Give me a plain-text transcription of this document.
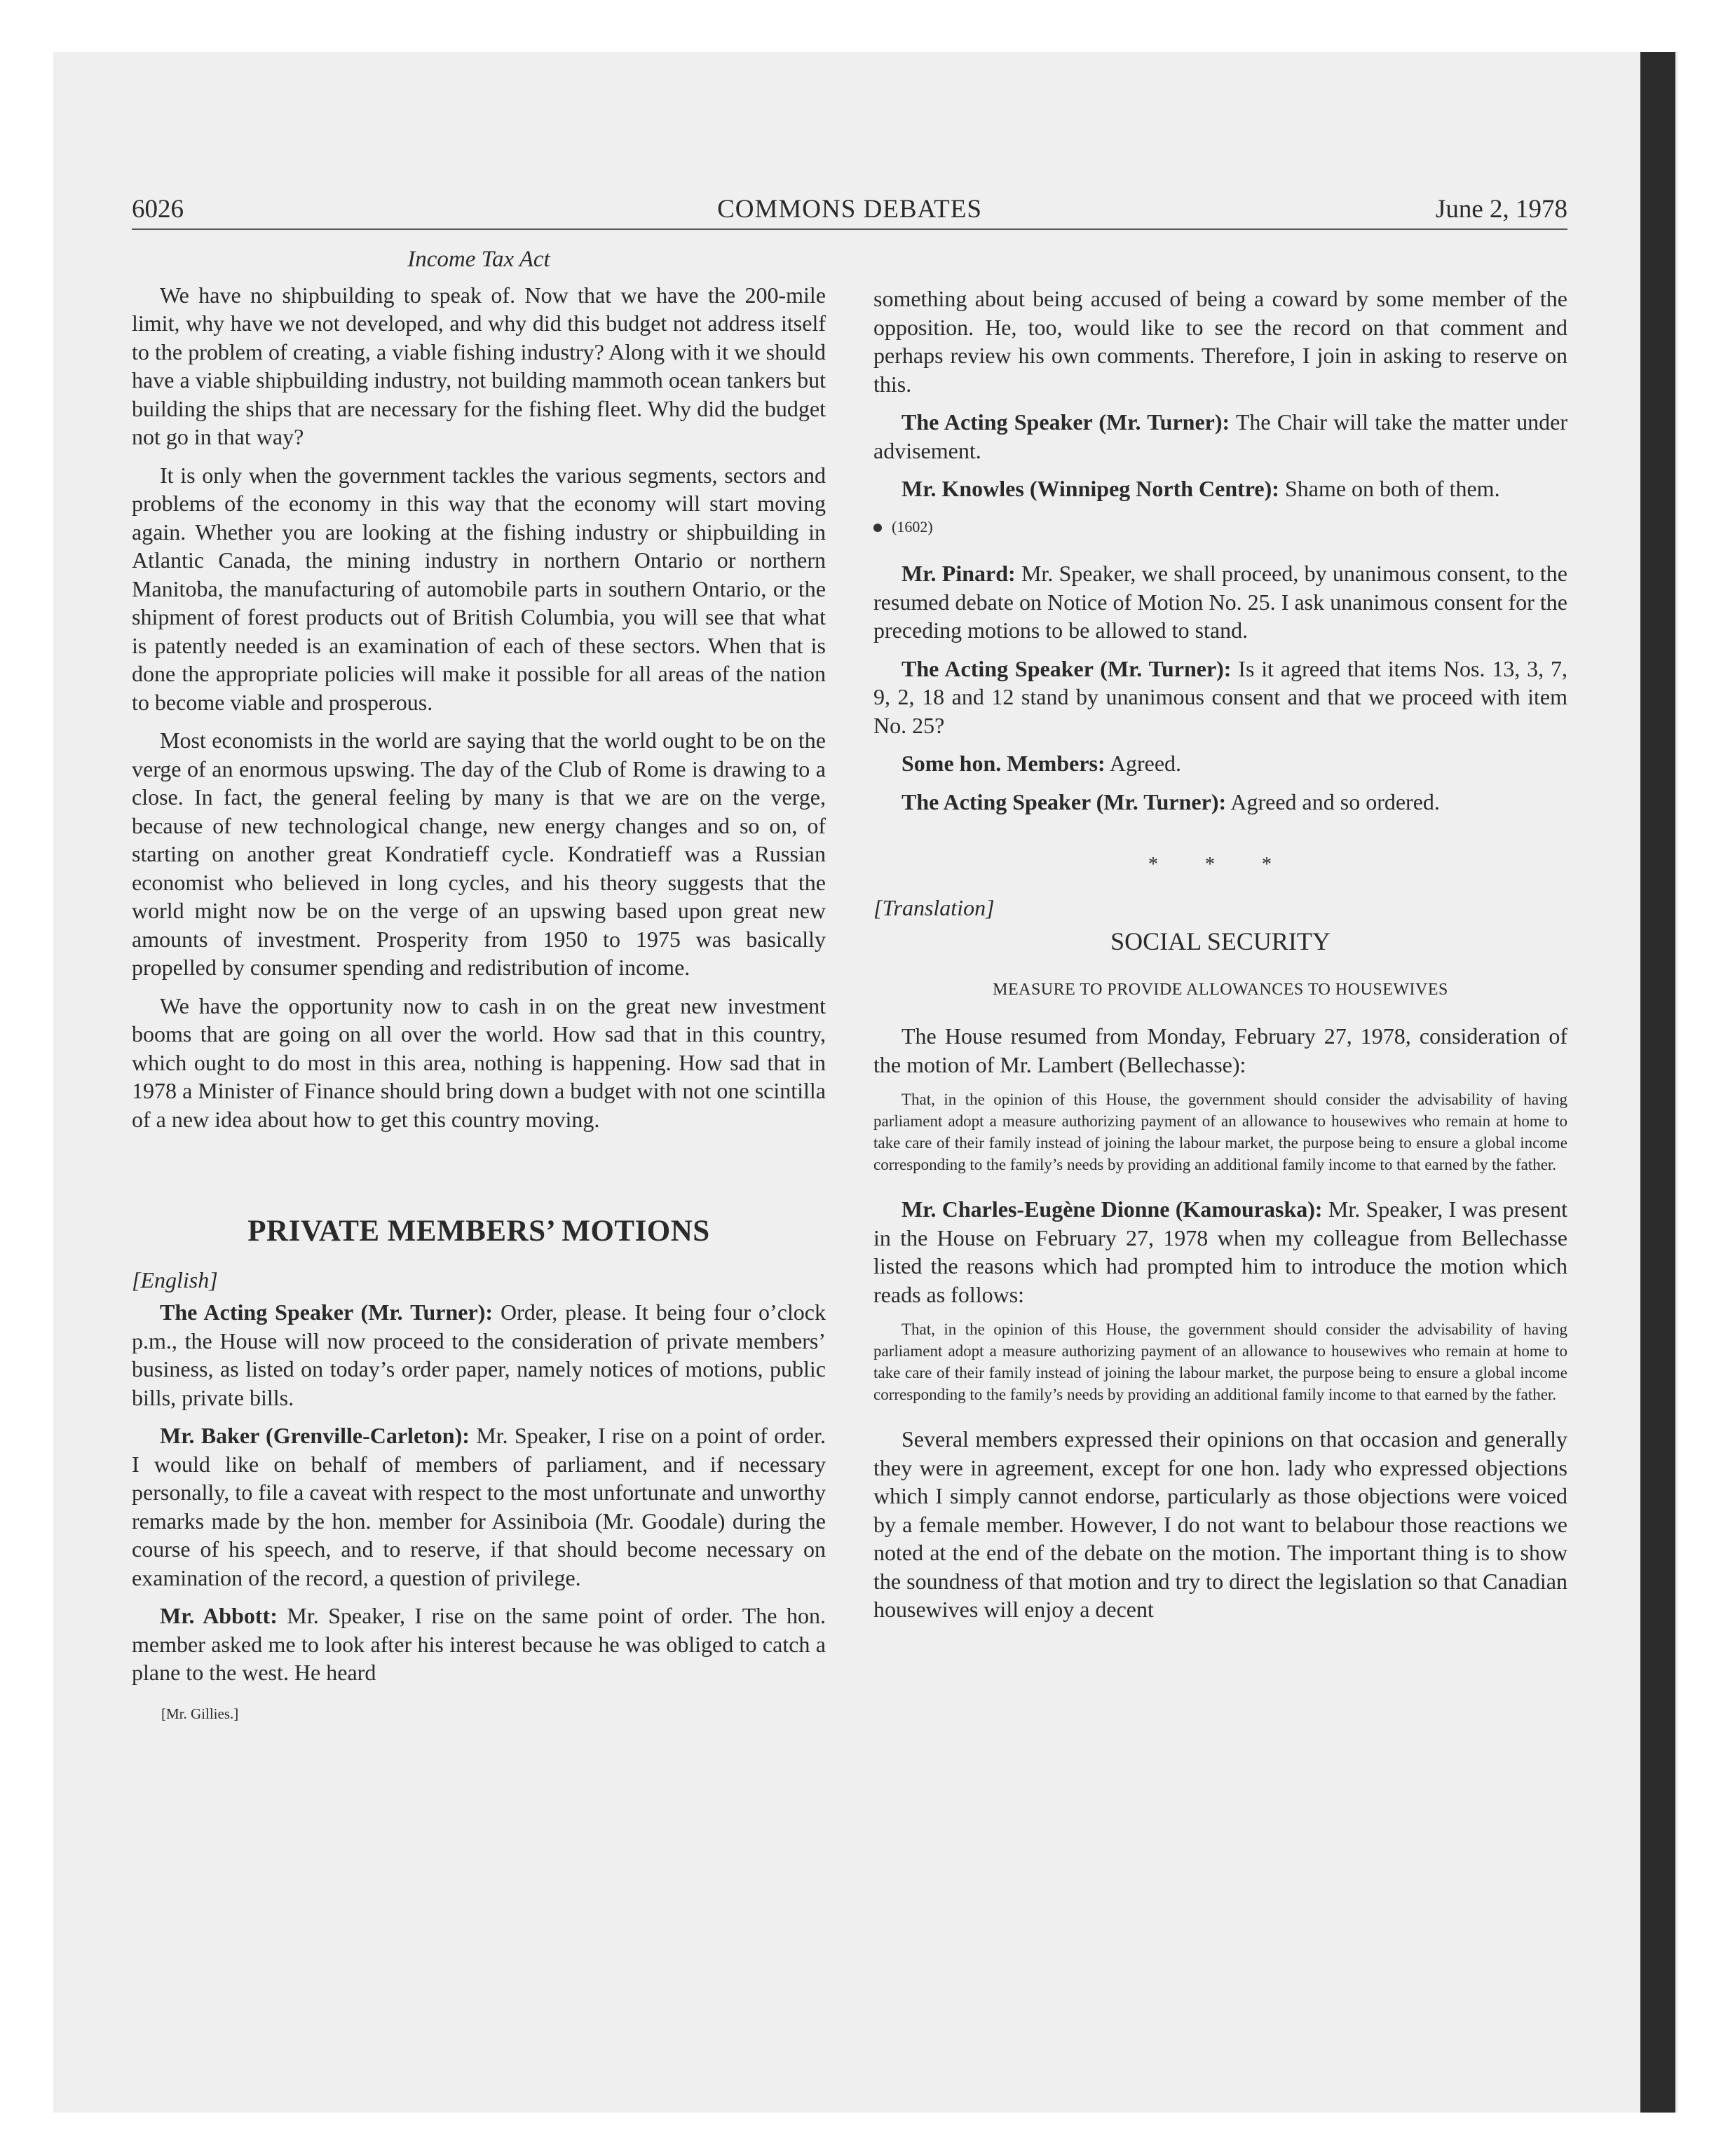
6026	COMMONS DEBATES	June 2, 1978
Income Tax Act

We have no shipbuilding to speak of. Now that we have the 200-mile limit, why have we not developed, and why did this budget not address itself to the problem of creating, a viable fishing industry? Along with it we should have a viable shipbuilding industry, not building mammoth ocean tankers but building the ships that are necessary for the fishing fleet. Why did the budget not go in that way?

It is only when the government tackles the various segments, sectors and problems of the economy in this way that the economy will start moving again. Whether you are looking at the fishing industry or shipbuilding in Atlantic Canada, the mining industry in northern Ontario or northern Manitoba, the manufacturing of automobile parts in southern Ontario, or the shipment of forest products out of British Columbia, you will see that what is patently needed is an examination of each of these sectors. When that is done the appropriate policies will make it possible for all areas of the nation to become viable and prosperous.

Most economists in the world are saying that the world ought to be on the verge of an enormous upswing. The day of the Club of Rome is drawing to a close. In fact, the general feeling by many is that we are on the verge, because of new technological change, new energy changes and so on, of starting on another great Kondratieff cycle. Kondratieff was a Russian economist who believed in long cycles, and his theory suggests that the world might now be on the verge of an upswing based upon great new amounts of investment. Prosperity from 1950 to 1975 was basically propelled by consumer spending and redistribution of income.

We have the opportunity now to cash in on the great new investment booms that are going on all over the world. How sad that in this country, which ought to do most in this area, nothing is happening. How sad that in 1978 a Minister of Finance should bring down a budget with not one scintilla of a new idea about how to get this country moving.

PRIVATE MEMBERS’ MOTIONS
[English]

The Acting Speaker (Mr. Turner): Order, please. It being four o’clock p.m., the House will now proceed to the consideration of private members’ business, as listed on today’s order paper, namely notices of motions, public bills, private bills.

Mr. Baker (Grenville-Carleton): Mr. Speaker, I rise on a point of order. I would like on behalf of members of parliament, and if necessary personally, to file a caveat with respect to the most unfortunate and unworthy remarks made by the hon. member for Assiniboia (Mr. Goodale) during the course of his speech, and to reserve, if that should become necessary on examination of the record, a question of privilege.

Mr. Abbott: Mr. Speaker, I rise on the same point of order. The hon. member asked me to look after his interest because he was obliged to catch a plane to the west. He heard

[Mr. Gillies.]

something about being accused of being a coward by some member of the opposition. He, too, would like to see the record on that comment and perhaps review his own comments. Therefore, I join in asking to reserve on this.

The Acting Speaker (Mr. Turner): The Chair will take the matter under advisement.

Mr. Knowles (Winnipeg North Centre): Shame on both of them.

(1602)

Mr. Pinard: Mr. Speaker, we shall proceed, by unanimous consent, to the resumed debate on Notice of Motion No. 25. I ask unanimous consent for the preceding motions to be allowed to stand.

The Acting Speaker (Mr. Turner): Is it agreed that items Nos. 13, 3, 7, 9, 2, 18 and 12 stand by unanimous consent and that we proceed with item No. 25?

Some hon. Members: Agreed.

The Acting Speaker (Mr. Turner): Agreed and so ordered.

* * *
[Translation]
SOCIAL SECURITY
MEASURE TO PROVIDE ALLOWANCES TO HOUSEWIVES

The House resumed from Monday, February 27, 1978, consideration of the motion of Mr. Lambert (Bellechasse):

That, in the opinion of this House, the government should consider the advisability of having parliament adopt a measure authorizing payment of an allowance to housewives who remain at home to take care of their family instead of joining the labour market, the purpose being to ensure a global income corresponding to the family’s needs by providing an additional family income to that earned by the father.

Mr. Charles-Eugène Dionne (Kamouraska): Mr. Speaker, I was present in the House on February 27, 1978 when my colleague from Bellechasse listed the reasons which had prompted him to introduce the motion which reads as follows:

That, in the opinion of this House, the government should consider the advisability of having parliament adopt a measure authorizing payment of an allowance to housewives who remain at home to take care of their family instead of joining the labour market, the purpose being to ensure a global income corresponding to the family’s needs by providing an additional family income to that earned by the father.

Several members expressed their opinions on that occasion and generally they were in agreement, except for one hon. lady who expressed objections which I simply cannot endorse, particularly as those objections were voiced by a female member. However, I do not want to belabour those reactions we noted at the end of the debate on the motion. The important thing is to show the soundness of that motion and try to direct the legislation so that Canadian housewives will enjoy a decent
